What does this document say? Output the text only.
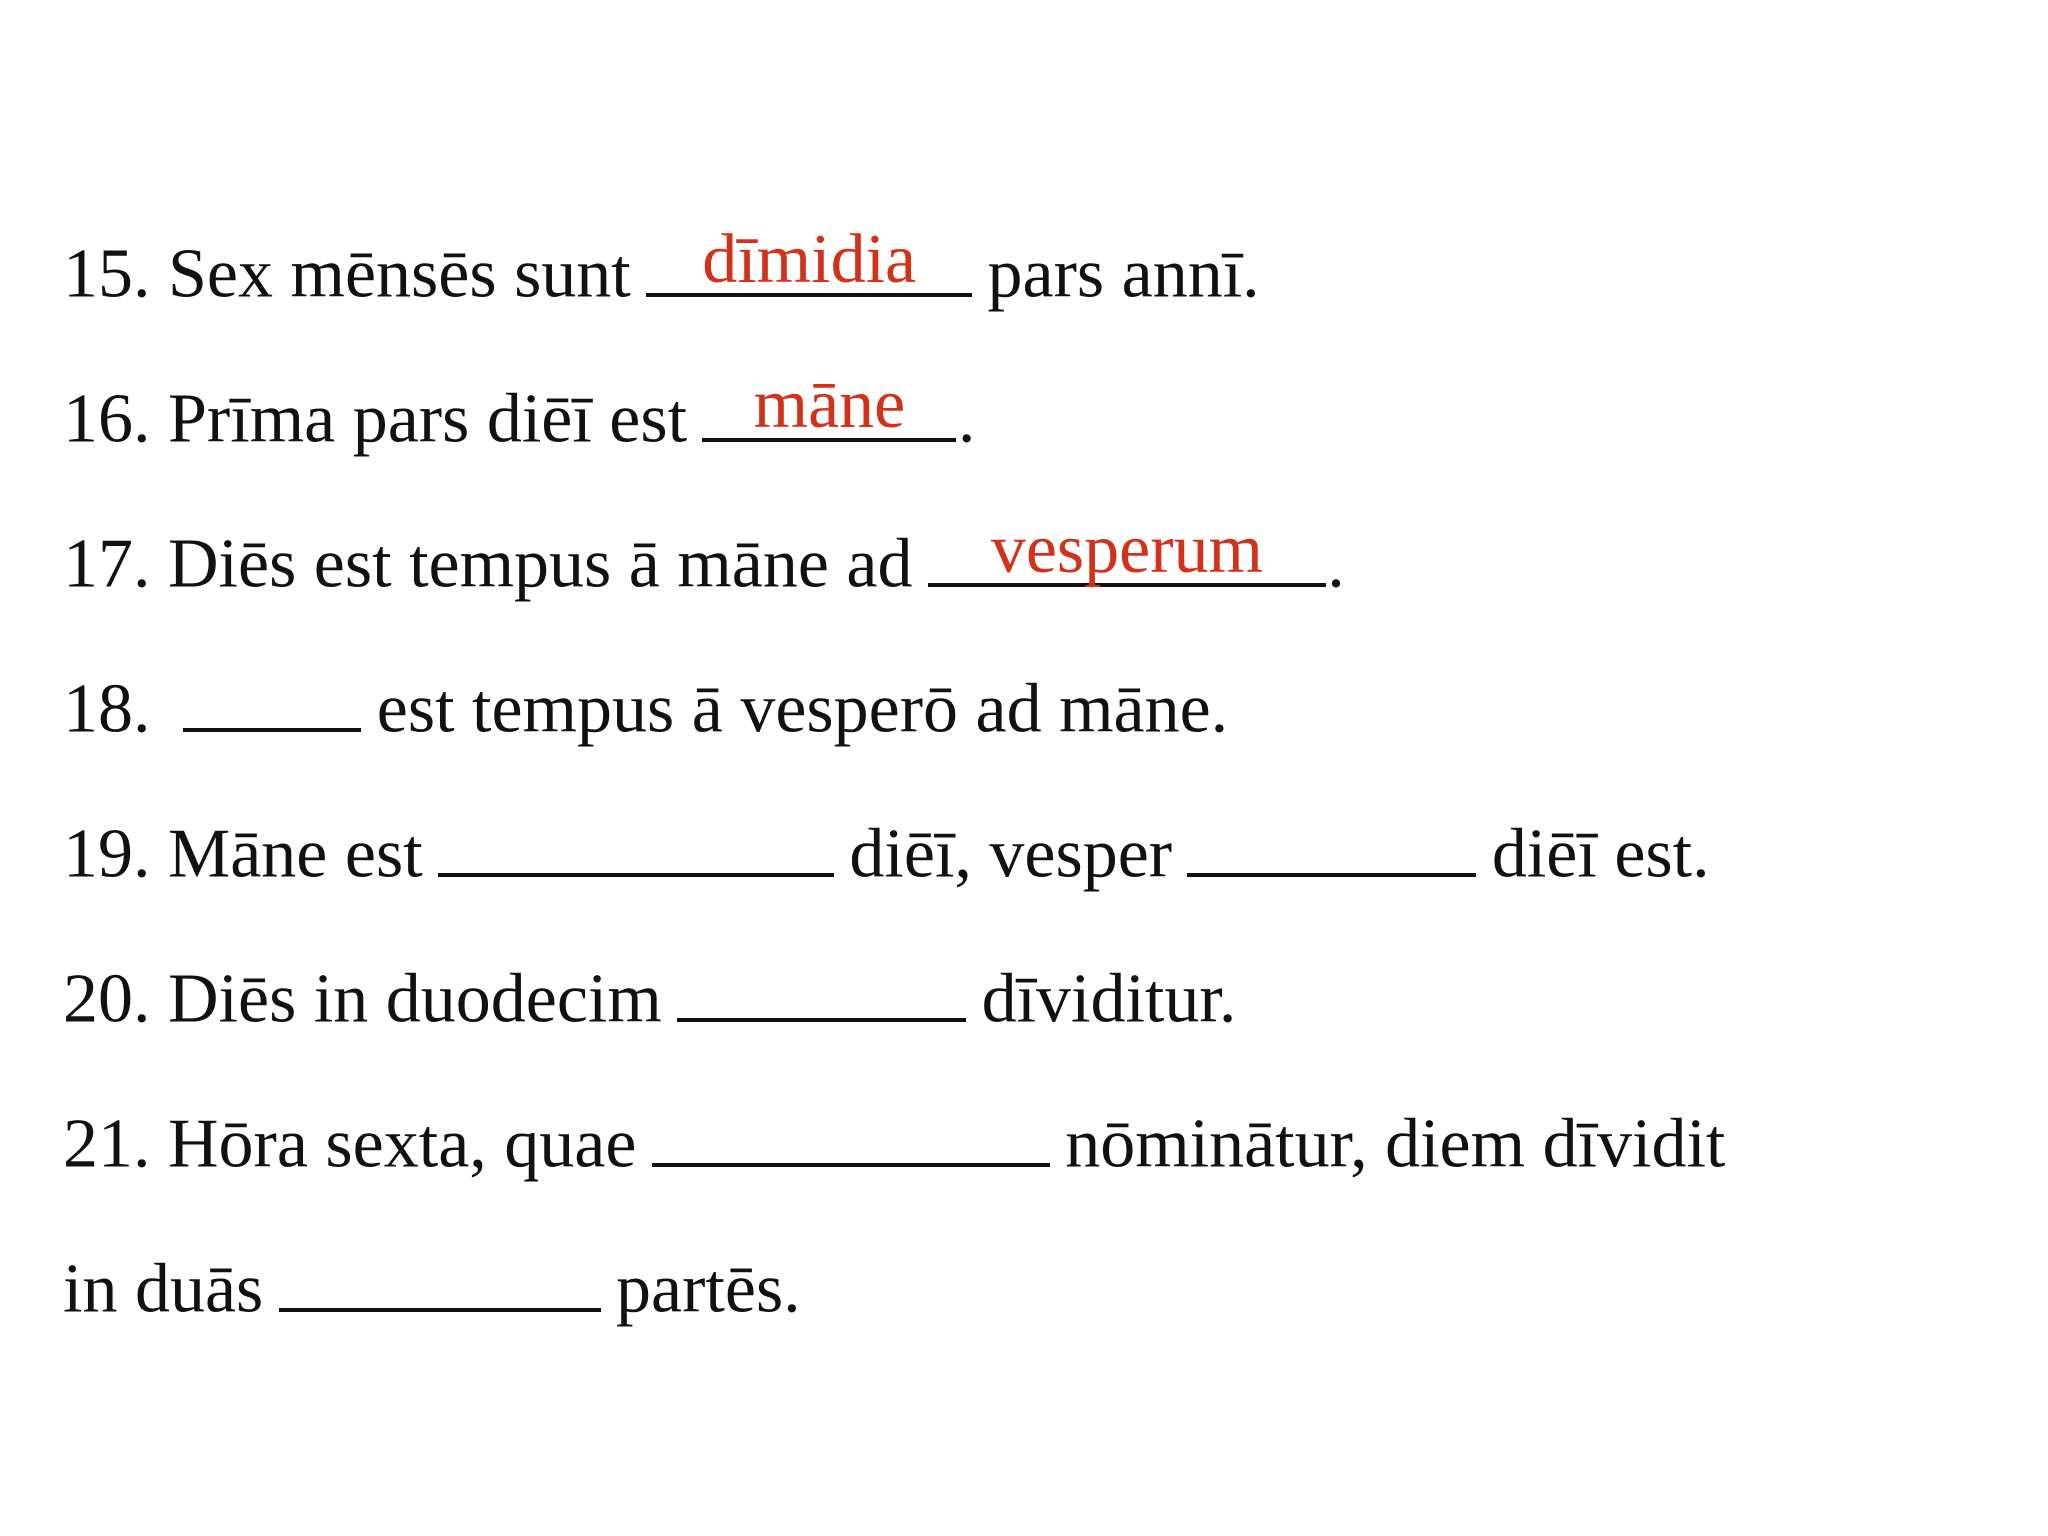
15. Sex mēnsēs sunt	dīmidia	pars annī.
16. Prīma pars diēī est māne .
17. Diēs est tempus ā māne ad	vesperum .
18.	est tempus ā vesperō ad māne.
19. Māne est	diēī, vesper	diēī est.
20. Diēs in duodecim	dīviditur.
21. Hōra sexta, quae	nōminātur, diem dīvidit
in duās	partēs.
